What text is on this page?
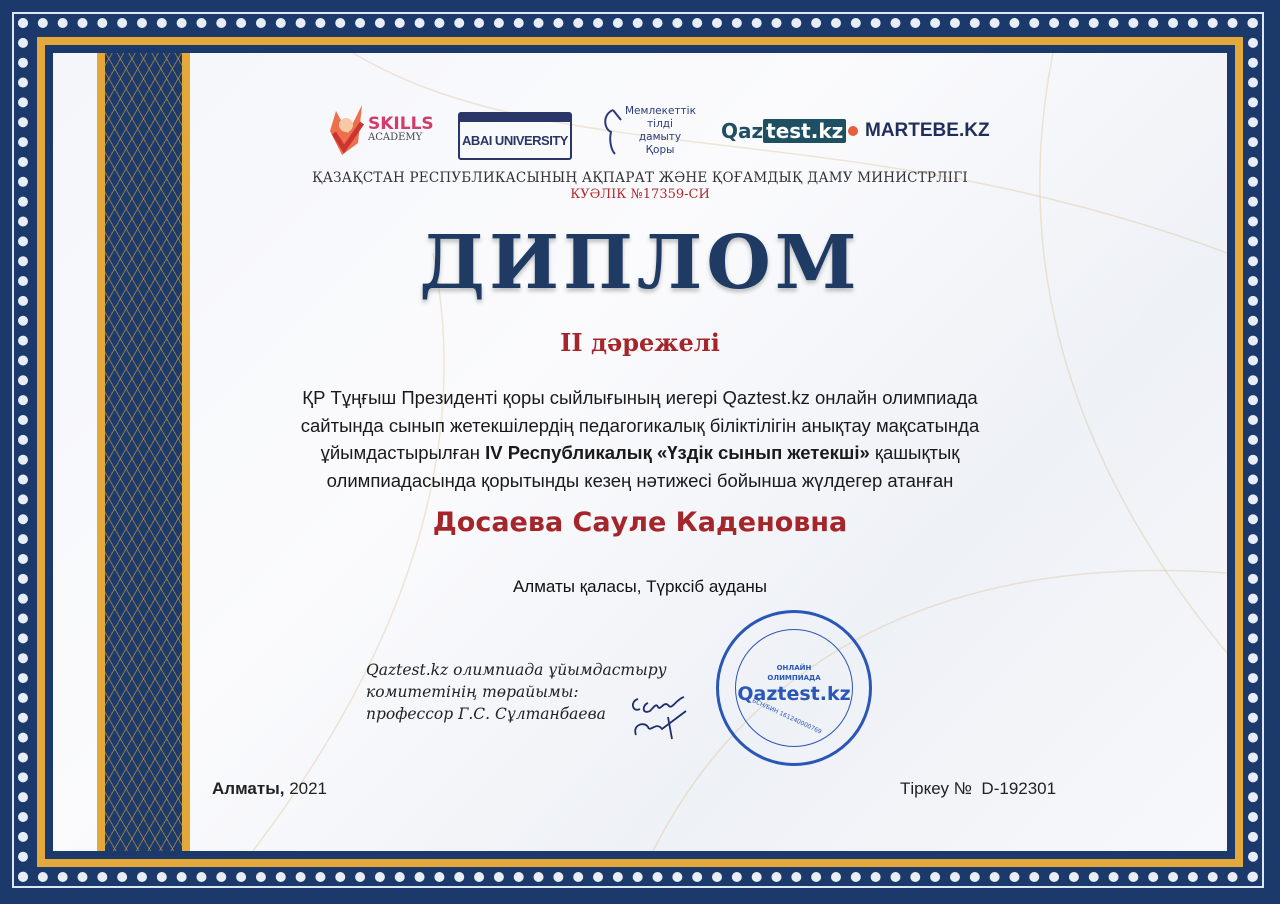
SKILLS
ACADEMY	ABAI UNIVERSITY
Мемлекеттік тілді дамыту Қоры
Qaz test.kz MARTEBE.KZ
ҚАЗАҚСТАН РЕСПУБЛИКАСЫНЫҢ АҚПАРАТ ЖӘНЕ ҚОҒАМДЫҚ ДАМУ МИНИСТРЛІГІ
КУӘЛІК №17359-СИ
ДИПЛОМ
II дәрежелі
ҚР Тұңғыш Президенті қоры сыйлығының иегері Qaztest.kz онлайн олимпиада
сайтында сынып жетекшілердің педагогикалық біліктілігін анықтау мақсатында
ұйымдастырылған IV Республикалық «Үздік сынып жетекші» қашықтық
олимпиадасында қорытынды кезең нәтижесі бойынша жүлдегер атанған
Досаева Сауле Каденовна
Алматы қаласы, Түрксіб ауданы
Qaztest.kz олимпиада ұйымдастыру
комитетінің төрайымы:
профессор Г.С. Сұлтанбаева
ОНЛАЙН
ОЛИМПИАДА
Qaztest.kz
БСН/БИН 161240000769
Алматы, 2021	Тіркеу № D-192301
